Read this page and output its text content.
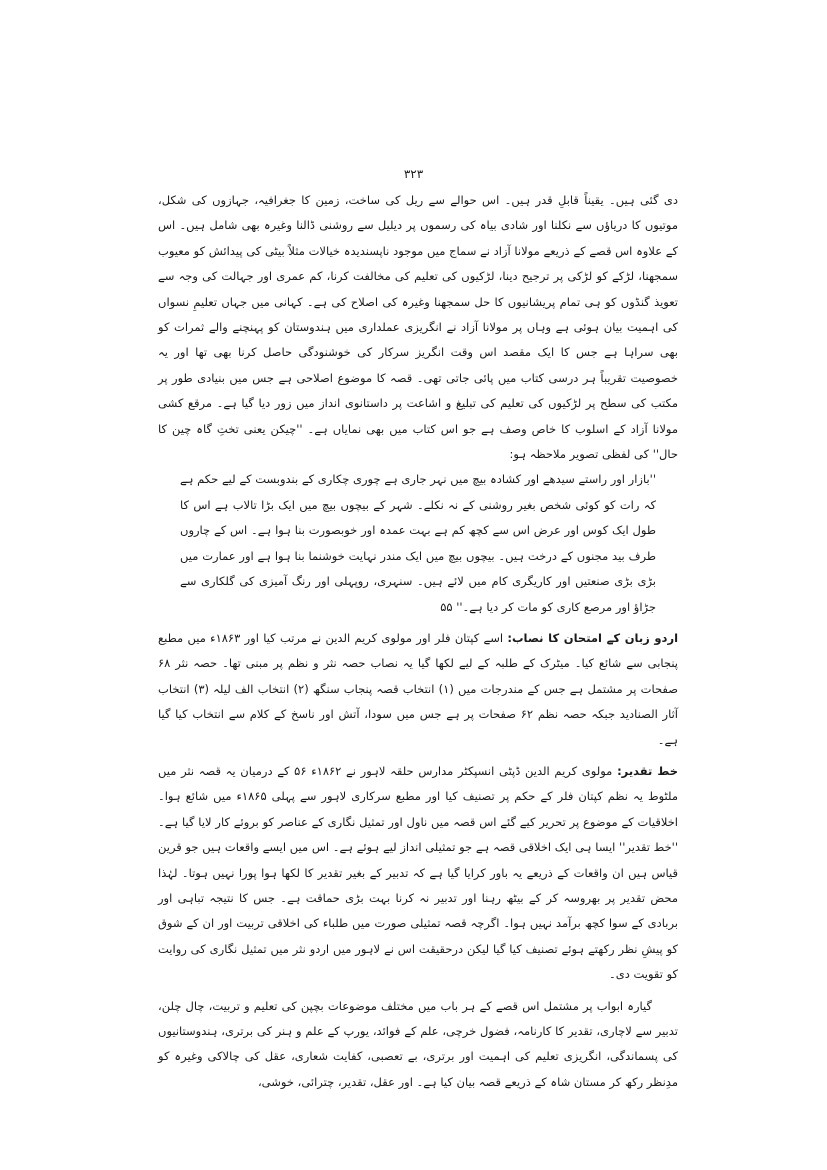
۳۲۳

دی گئی ہیں۔ یقیناً قابلِ قدر ہیں۔ اس حوالے سے ریل کی ساخت، زمین کا جغرافیہ، جہازوں کی شکل، موتیوں کا دریاؤں سے نکلنا اور شادی بیاہ کی رسموں پر دیلیل سے روشنی ڈالنا وغیرہ بھی شامل ہیں۔ اس کے علاوہ اس قصے کے ذریعے مولانا آزاد نے سماج میں موجود ناپسندیدہ خیالات مثلاً بیٹی کی پیدائش کو معیوب سمجھنا، لڑکے کو لڑکی پر ترجیح دینا، لڑکیوں کی تعلیم کی مخالفت کرنا، کم عمری اور جہالت کی وجہ سے تعویذ گنڈوں کو ہی تمام پریشانیوں کا حل سمجھنا وغیرہ کی اصلاح کی ہے۔ کہانی میں جہاں تعلیمِ نسواں کی اہمیت بیان ہوئی ہے وہاں پر مولانا آزاد نے انگریزی عملداری میں ہندوستان کو پہنچنے والے ثمرات کو بھی سراہا ہے جس کا ایک مقصد اس وقت انگریز سرکار کی خوشنودگی حاصل کرنا بھی تھا اور یہ خصوصیت تقریباً ہر درسی کتاب میں پائی جاتی تھی۔ قصہ کا موضوع اصلاحی ہے جس میں بنیادی طور پر مکتب کی سطح پر لڑکیوں کی تعلیم کی تبلیغ و اشاعت پر داستانوی انداز میں زور دیا گیا ہے۔ مرقع کشی مولانا آزاد کے اسلوب کا خاص وصف ہے جو اس کتاب میں بھی نمایاں ہے۔ ''چیکن یعنی تختِ گاہ چین کا حال'' کی لفظی تصویر ملاحظہ ہو:

''بازار اور راستے سیدھے اور کشادہ بیچ میں نہر جاری ہے چوری چکاری کے بندوبست کے لیے حکم ہے کہ رات کو کوئی شخص بغیر روشنی کے نہ نکلے۔ شہر کے بیچوں بیچ میں ایک بڑا تالاب ہے اس کا طول ایک کوس اور عرض اس سے کچھ کم ہے بہت عمدہ اور خوبصورت بنا ہوا ہے۔ اس کے چاروں طرف بید مجنوں کے درخت ہیں۔ بیچوں بیچ میں ایک مندر نہایت خوشنما بنا ہوا ہے اور عمارت میں بڑی بڑی صنعتیں اور کاریگری کام میں لائے ہیں۔ سنہری، روپہلی اور رنگ آمیزی کی گلکاری سے جڑاؤ اور مرصع کاری کو مات کر دیا ہے۔'' ۵۵

اردو زبان کے امتحان کا نصاب: اسے کپتان فلر اور مولوی کریم الدین نے مرتب کیا اور ۱۸۶۳ء میں مطبع پنجابی سے شائع کیا۔ میٹرک کے طلبہ کے لیے لکھا گیا یہ نصاب حصہ نثر و نظم پر مبنی تھا۔ حصہ نثر ۶۸ صفحات پر مشتمل ہے جس کے مندرجات میں (۱) انتخاب قصہ پنجاب سنگھ (۲) انتخاب الف لیلہ (۳) انتخاب آثار الصنادید جبکہ حصہ نظم ۶۲ صفحات پر ہے جس میں سودا، آتش اور ناسخ کے کلام سے انتخاب کیا گیا ہے۔

خط تقدیر: مولوی کریم الدین ڈپٹی انسپکٹر مدارس حلقہ لاہور نے ۱۸۶۲ء ۵۶ کے درمیان یہ قصہ نثر میں ملٹوط یہ نظم کپتان فلر کے حکم پر تصنیف کیا اور مطبع سرکاری لاہور سے پہلی ۱۸۶۵ء میں شائع ہوا۔ اخلاقیات کے موضوع پر تحریر کیے گئے اس قصہ میں ناول اور تمثیل نگاری کے عناصر کو بروئے کار لایا گیا ہے۔ ''خط تقدیر'' ایسا ہی ایک اخلاقی قصہ ہے جو تمثیلی انداز لیے ہوئے ہے۔ اس میں ایسے واقعات ہیں جو قرین قیاس ہیں ان واقعات کے ذریعے یہ باور کرایا گیا ہے کہ تدبیر کے بغیر تقدیر کا لکھا ہوا پورا نہیں ہوتا۔ لہٰذا محض تقدیر پر بھروسہ کر کے بیٹھ رہنا اور تدبیر نہ کرنا بہت بڑی حماقت ہے۔ جس کا نتیجہ تباہی اور بربادی کے سوا کچھ برآمد نہیں ہوا۔ اگرچہ قصہ تمثیلی صورت میں طلباء کی اخلاقی تربیت اور ان کے شوق کو پیشِ نظر رکھتے ہوئے تصنیف کیا گیا لیکن درحقیقت اس نے لاہور میں اردو نثر میں تمثیل نگاری کی روایت کو تقویت دی۔

گیارہ ابواب پر مشتمل اس قصے کے ہر باب میں مختلف موضوعات بچپن کی تعلیم و تربیت، چال چلن، تدبیر سے لاچاری، تقدیر کا کارنامہ، فضول خرچی، علم کے فوائد، یورپ کے علم و ہنر کی برتری، ہندوستانیوں کی پسماندگی، انگریزی تعلیم کی اہمیت اور برتری، بے تعصبی، کفایت شعاری، عقل کی چالاکی وغیرہ کو مدِنظر رکھ کر مستان شاہ کے ذریعے قصہ بیان کیا ہے۔ اور عقل، تقدیر، چترائی، خوشی،
